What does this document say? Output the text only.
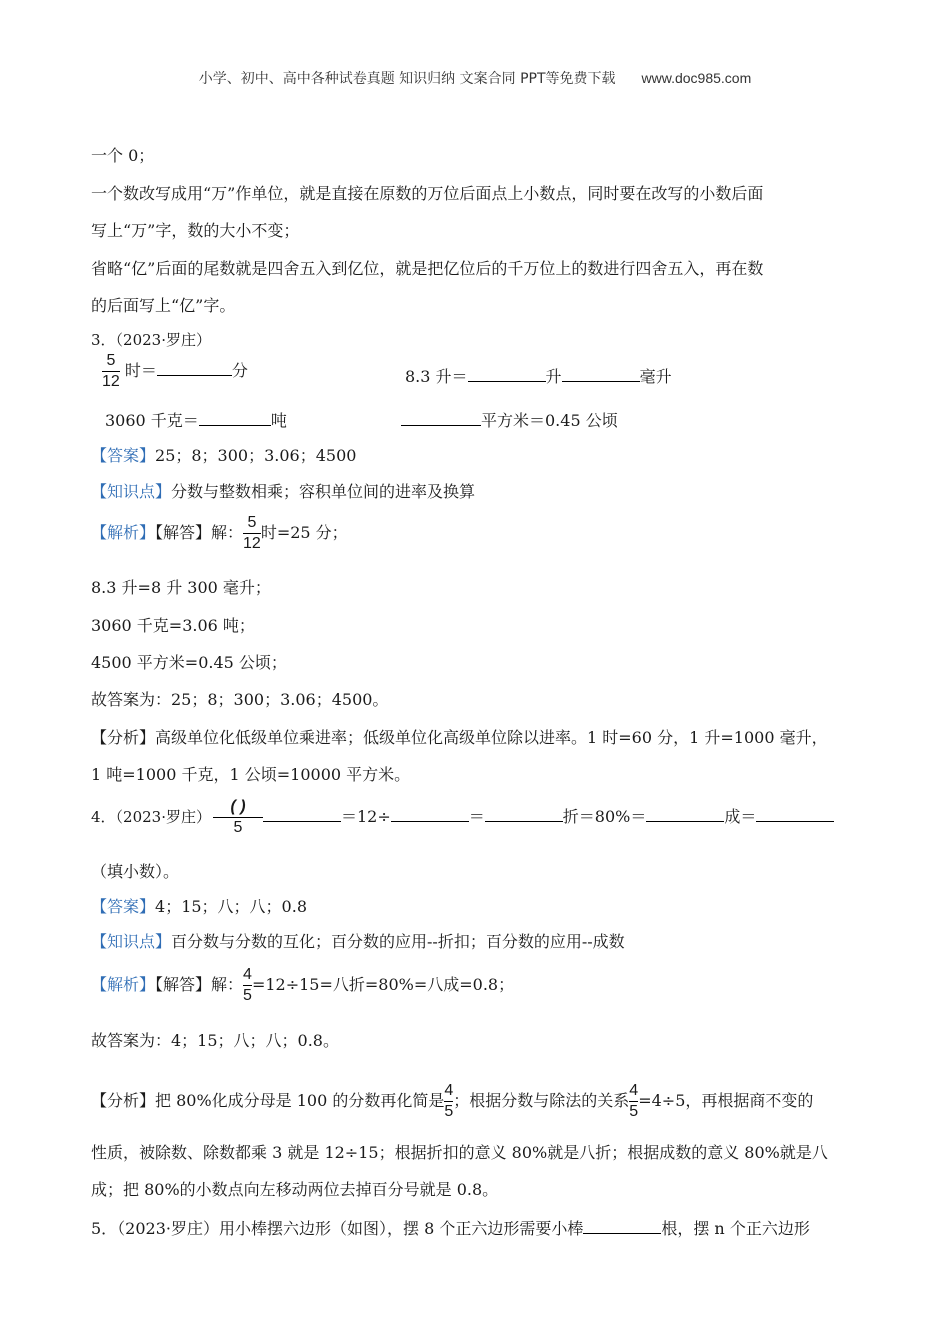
小学、初中、高中各种试卷真题 知识归纳 文案合同 PPT等免费下载 www.doc985.com
一个 0；
一个数改写成用“万”作单位，就是直接在原数的万位后面点上小数点，同时要在改写的小数后面
写上“万”字，数的大小不变；
省略“亿”后面的尾数就是四舍五入到亿位，就是把亿位后的千万位上的数进行四舍五入，再在数
的后面写上“亿”字。
3．（2023·罗庄）
$\frac{5}{12}$ 时＝	分	8.3 升＝	升	毫升
3060 千克＝	吨	平方米＝0.45 公顷
【答案】25；8；300；3.06；4500
【知识点】分数与整数相乘；容积单位间的进率及换算
【解析】【解答】解： $\frac{5}{12}$ 时=25 分；
8.3 升=8 升 300 毫升；
3060 千克=3.06 吨；
4500 平方米=0.45 公顷；
故答案为：25；8；300；3.06；4500。
【分析】高级单位化低级单位乘进率；低级单位化高级单位除以进率。1 时=60 分，1 升=1000 毫升，
1 吨=1000 千克，1 公顷=10000 平方米。
4．（2023·罗庄） $\frac{( )}{5}$	＝12÷	＝	折＝80%＝	成＝
（填小数）。
【答案】4；15；八；八；0.8
【知识点】百分数与分数的互化；百分数的应用--折扣；百分数的应用--成数
【解析】【解答】解： $\frac{4}{5} =12\div 15=$八折=80%=八成=0.8；
故答案为：4；15；八；八；0.8。
【分析】把 80%化成分母是 100 的分数再化简是 $\frac{4}{5}$ ；根据分数与除法的关系 $\frac{4}{5} =4\div 5$，再根据商不变的
性质，被除数、除数都乘 3 就是 12÷15；根据折扣的意义 80%就是八折；根据成数的意义 80%就是八
成；把 80%的小数点向左移动两位去掉百分号就是 0.8。
5．（2023·罗庄）用小棒摆六边形（如图），摆 8 个正六边形需要小棒	根，摆 n 个正六边形
